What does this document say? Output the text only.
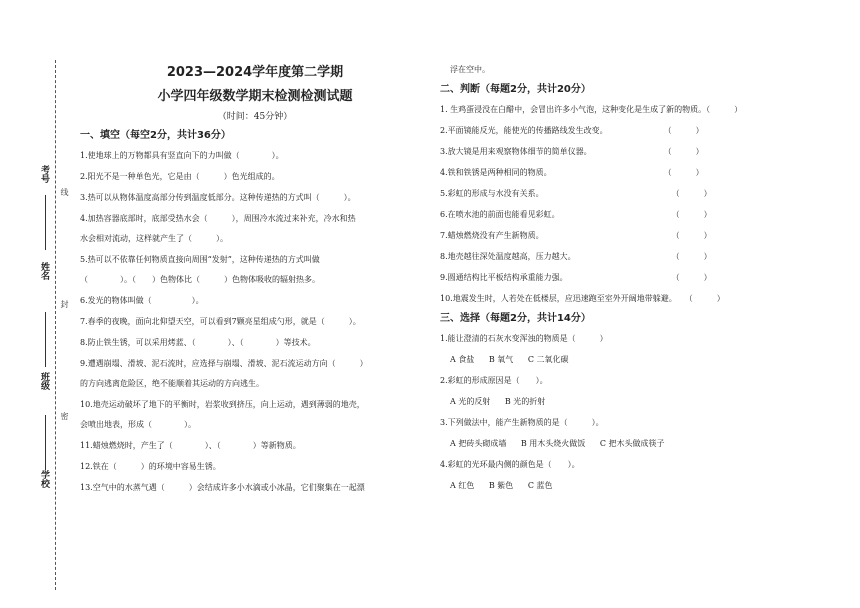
线
封
密
考号
姓名
班级
学校

2023—2024学年度第二学期

小学四年级数学期末检测检测试题

（时间：45分钟）

一、填空（每空2分，共计36分）

1.使地球上的万物都具有竖直向下的力叫做（　　　　）。

2.阳光不是一种单色光，它是由（　　　）色光组成的。

3.热可以从物体温度高部分传到温度低部分。这种传递热的方式叫（　　　）。

4.加热容器底部时，底部受热水会（　　　），周围冷水流过来补充，冷水和热

水会相对流动，这样就产生了（　　　）。

5.热可以不依靠任何物质直接向周围“发射”，这种传递热的方式叫做

（　　　　）。（　　）色物体比（　　　）色物体吸收的辐射热多。

6.发光的物体叫做（　　　　　）。

7.春季的夜晚，面向北仰望天空，可以看到7颗亮星组成勺形，就是（　　　）。

8.防止铁生锈，可以采用烤蓝、（　　　　）、（　　　　）等技术。

9.遭遇崩塌、滑坡、泥石流时，应选择与崩塌、滑坡、泥石流运动方向（　　　）

的方向逃离危险区，绝不能顺着其运动的方向逃生。

10.地壳运动破坏了地下的平衡时，岩浆收到挤压，向上运动，遇到薄弱的地壳，

会喷出地表，形成（　　　　）。

11.蜡烛燃烧时，产生了（　　　　）、（　　　　）等新物质。

12.铁在（　　　）的环境中容易生锈。

13.空气中的水蒸气遇（　　　）会结成许多小水滴或小冰晶，它们聚集在一起漂

浮在空中。

二、判断（每题2分，共计20分）

1. 生鸡蛋浸没在白醋中，会冒出许多小气泡，这种变化是生成了新的物质。（　　　）

2.平面镜能反光，能使光的传播路线发生改变。　　　　　　　　（　　　）

3.放大镜是用来观察物体细节的简单仪器。　　　　　　　　　　（　　　）

4.铁和铁锈是两种相同的物质。　　　　　　　　　　　　　　　（　　　）

5.彩虹的形成与水没有关系。　　　　　　　　　　　　　　　　　（　　　）

6.在喷水池的前面也能看见彩虹。　　　　　　　　　　　　　　　（　　　）

7.蜡烛燃烧没有产生新物质。　　　　　　　　　　　　　　　　　（　　　）

8.地壳越往深处温度越高，压力越大。　　　　　　　　　　　　　（　　　）

9.圆通结构比平板结构承重能力强。　　　　　　　　　　　　　　（　　　）

10.地震发生时，人若处在低楼层，应迅速跑至室外开阔地带躲避。　　（　　　）

三、选择（每题2分，共计14分）

1.能让澄清的石灰水变浑浊的物质是（　　　）

A 食盐 B 氧气 C 二氧化碳

2.彩虹的形成原因是（　　）。

A 光的反射 B 光的折射

3.下列做法中，能产生新物质的是（　　　）。

A 把砖头砌成墙 B 用木头烧火做饭 C 把木头做成筷子

4.彩虹的光环最内侧的颜色是（　　）。

A 红色 B 紫色 C 蓝色
